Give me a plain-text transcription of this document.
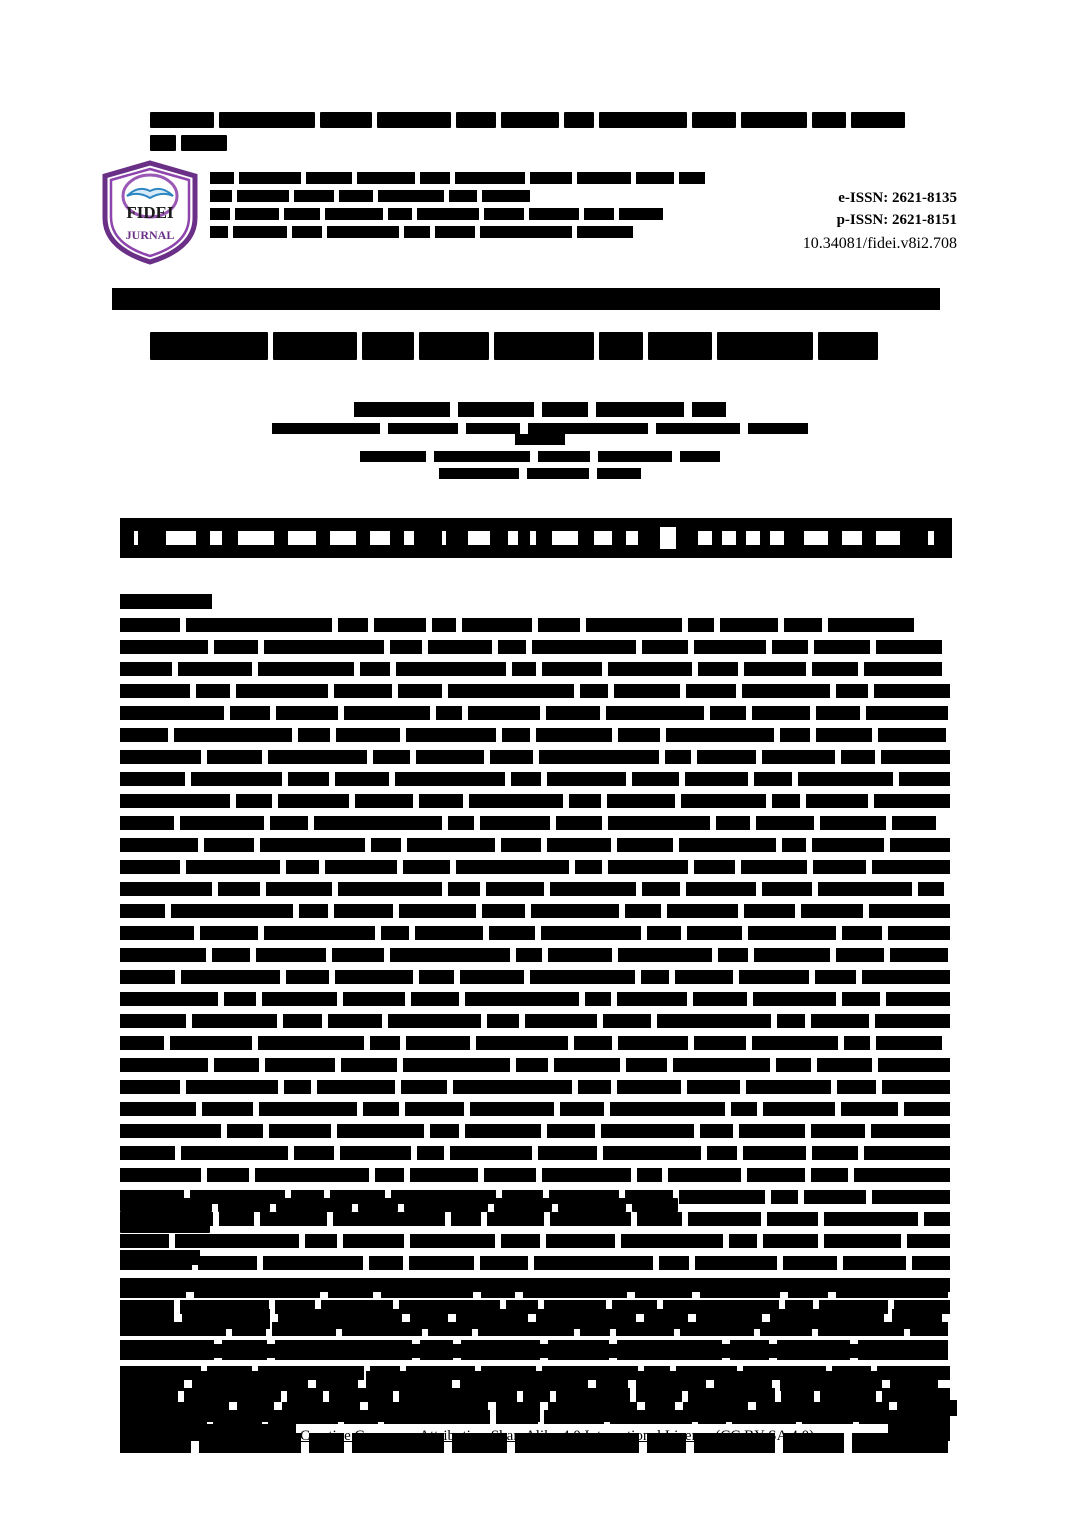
FIDEI
JURNAL
e-ISSN: 2621-8135
p-ISSN: 2621-8151
10.34081/fidei.v8i2.708
Creative Commons Attribution-ShareAlike 4.0 International License (CC BY-SA 4.0)
